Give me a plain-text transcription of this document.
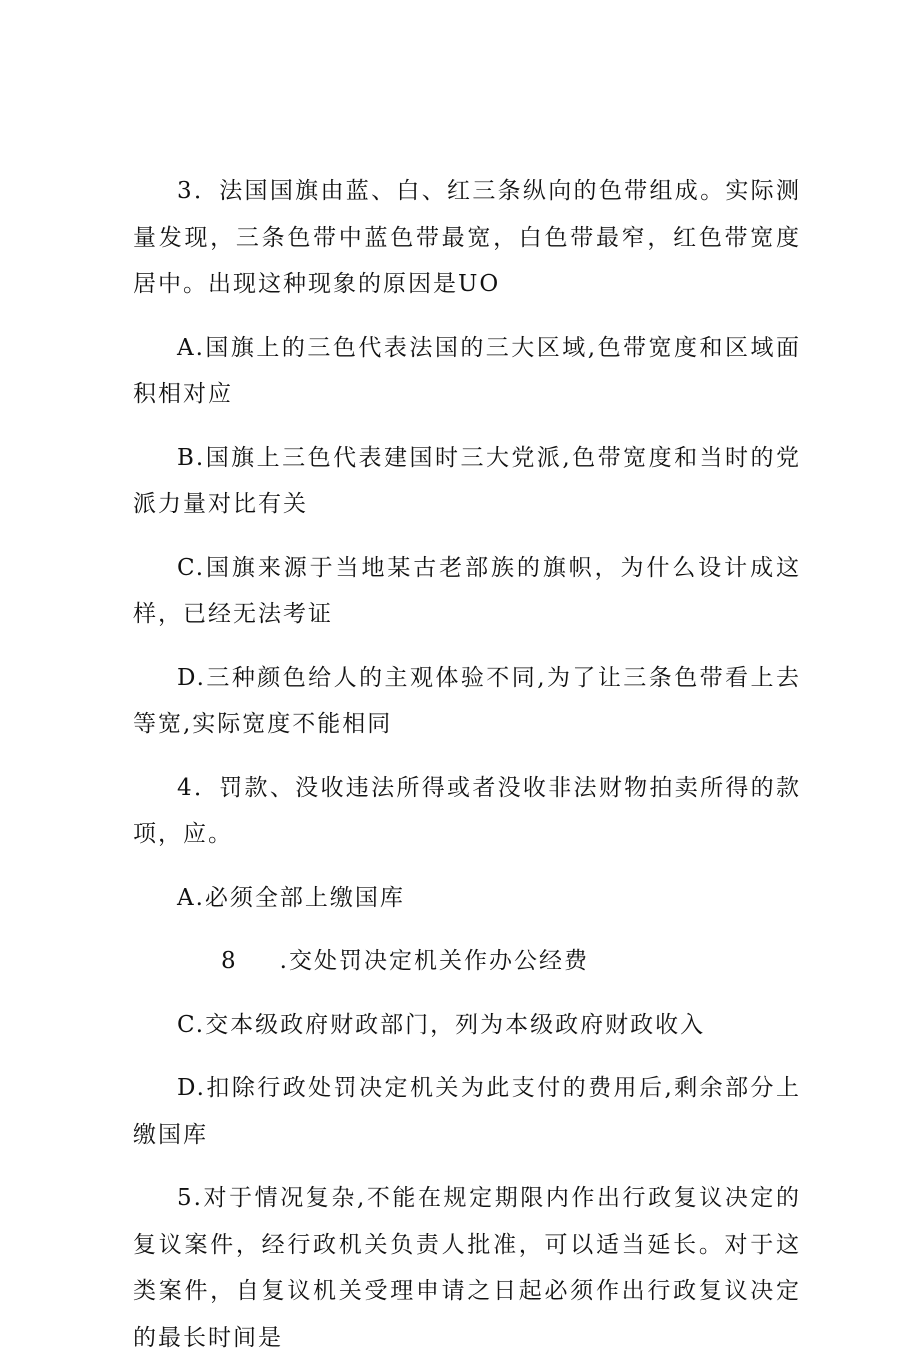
3．法国国旗由蓝、白、红三条纵向的色带组成。实际测量发现，三条色带中蓝色带最宽，白色带最窄，红色带宽度居中。出现这种现象的原因是UO

A.国旗上的三色代表法国的三大区域,色带宽度和区域面积相对应

B.国旗上三色代表建国时三大党派,色带宽度和当时的党派力量对比有关

C.国旗来源于当地某古老部族的旗帜，为什么设计成这样，已经无法考证

D.三种颜色给人的主观体验不同,为了让三条色带看上去等宽,实际宽度不能相同

4．罚款、没收违法所得或者没收非法财物拍卖所得的款项，应。

A.必须全部上缴国库

8 .交处罚决定机关作办公经费

C.交本级政府财政部门，列为本级政府财政收入

D.扣除行政处罚决定机关为此支付的费用后,剩余部分上缴国库

5.对于情况复杂,不能在规定期限内作出行政复议决定的复议案件，经行政机关负责人批准，可以适当延长。对于这类案件，自复议机关受理申请之日起必须作出行政复议决定的最长时间是
